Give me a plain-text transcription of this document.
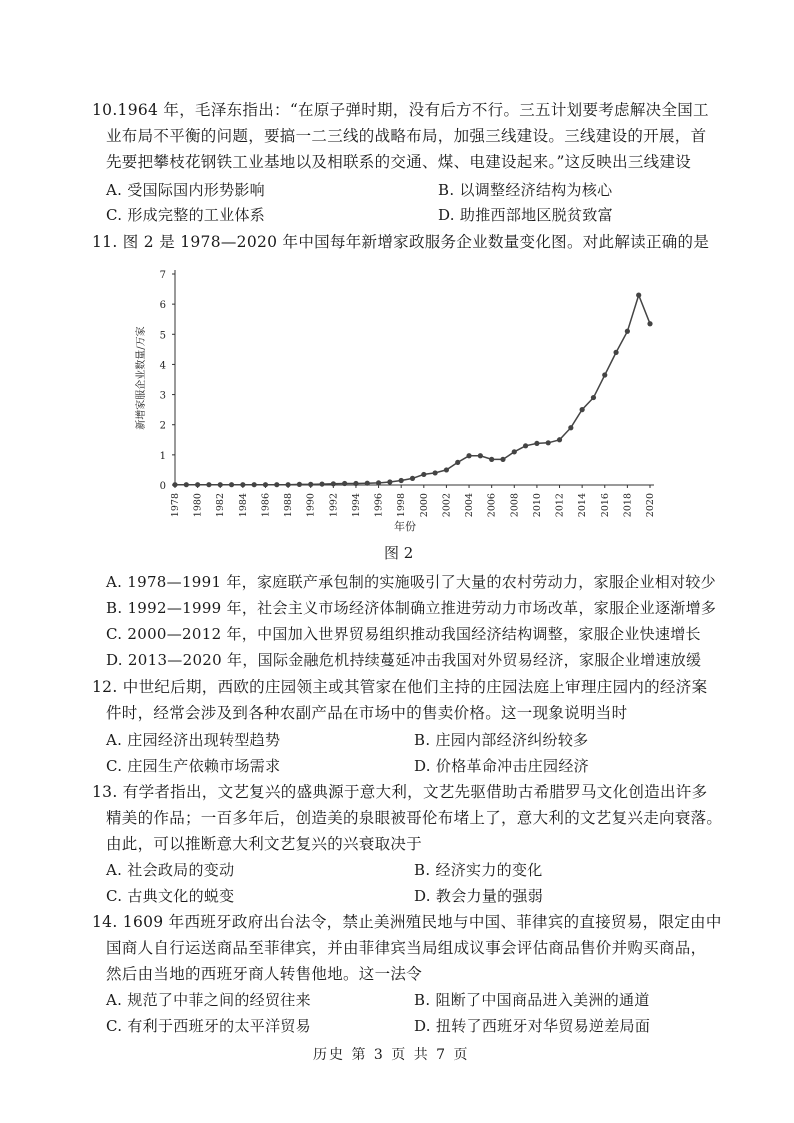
10.1964 年，毛泽东指出：“在原子弹时期，没有后方不行。三五计划要考虑解决全国工
业布局不平衡的问题，要搞一二三线的战略布局，加强三线建设。三线建设的开展，首
先要把攀枝花钢铁工业基地以及相联系的交通、煤、电建设起来。”这反映出三线建设
A. 受国际国内形势影响	B. 以调整经济结构为核心
C. 形成完整的工业体系	D. 助推西部地区脱贫致富
11. 图 2 是 1978—2020 年中国每年新增家政服务企业数量变化图。对此解读正确的是
0
1
2
3
4
5
6
7
1978 1980 1982 1984 1986 1988 1990 1992 1994 1996 1998 2000 2002 2004 2006 2008 2010 2012 2014 2016 2018 2020
年份
新增家服企业数量/万家
图 2
A. 1978—1991 年，家庭联产承包制的实施吸引了大量的农村劳动力，家服企业相对较少
B. 1992—1999 年，社会主义市场经济体制确立推进劳动力市场改革，家服企业逐渐增多
C. 2000—2012 年，中国加入世界贸易组织推动我国经济结构调整，家服企业快速增长
D. 2013—2020 年，国际金融危机持续蔓延冲击我国对外贸易经济，家服企业增速放缓
12. 中世纪后期，西欧的庄园领主或其管家在他们主持的庄园法庭上审理庄园内的经济案
件时，经常会涉及到各种农副产品在市场中的售卖价格。这一现象说明当时
A. 庄园经济出现转型趋势	B. 庄园内部经济纠纷较多
C. 庄园生产依赖市场需求	D. 价格革命冲击庄园经济
13. 有学者指出，文艺复兴的盛典源于意大利，文艺先驱借助古希腊罗马文化创造出许多
精美的作品；一百多年后，创造美的泉眼被哥伦布堵上了，意大利的文艺复兴走向衰落。
由此，可以推断意大利文艺复兴的兴衰取决于
A. 社会政局的变动	B. 经济实力的变化
C. 古典文化的蜕变	D. 教会力量的强弱
14. 1609 年西班牙政府出台法令，禁止美洲殖民地与中国、菲律宾的直接贸易，限定由中
国商人自行运送商品至菲律宾，并由菲律宾当局组成议事会评估商品售价并购买商品，
然后由当地的西班牙商人转售他地。这一法令
A. 规范了中菲之间的经贸往来	B. 阻断了中国商品进入美洲的通道
C. 有利于西班牙的太平洋贸易	D. 扭转了西班牙对华贸易逆差局面
历史 第 3 页 共 7 页
